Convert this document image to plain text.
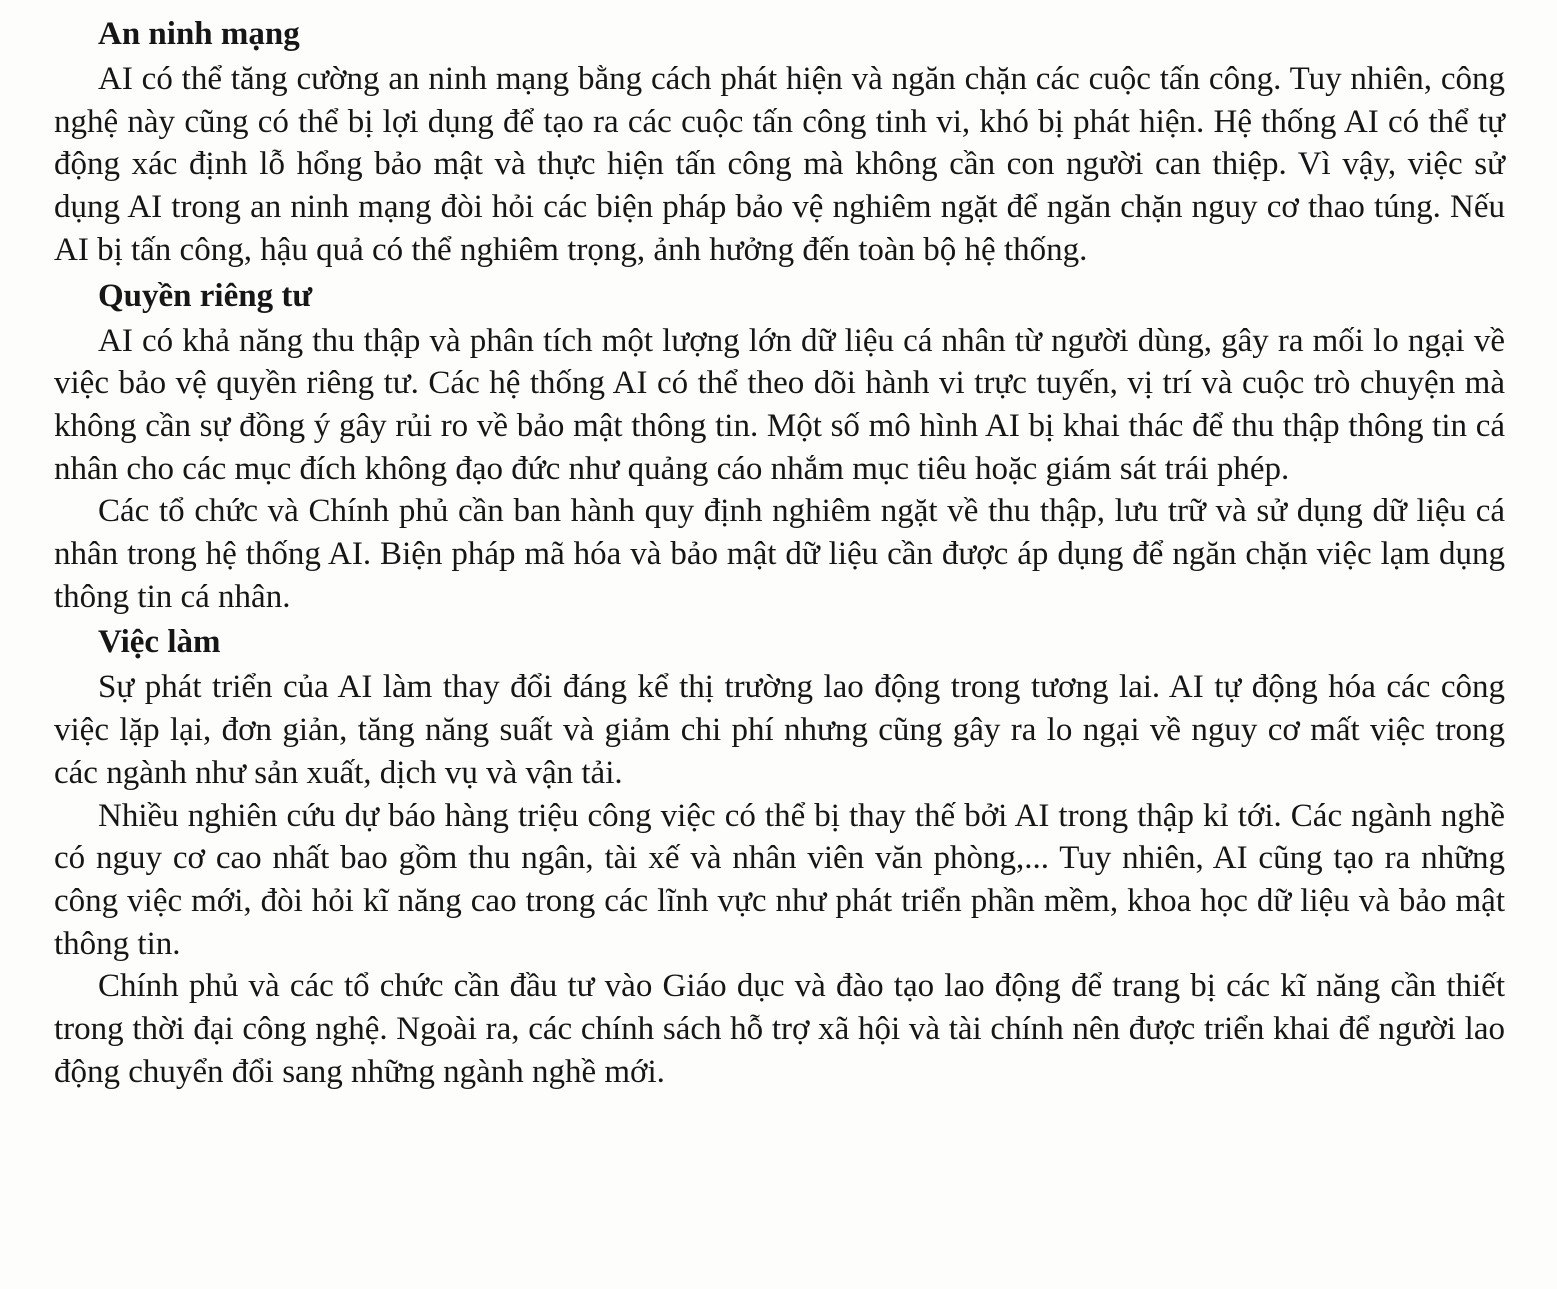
An ninh mạng

AI có thể tăng cường an ninh mạng bằng cách phát hiện và ngăn chặn các cuộc tấn công. Tuy nhiên, công nghệ này cũng có thể bị lợi dụng để tạo ra các cuộc tấn công tinh vi, khó bị phát hiện. Hệ thống AI có thể tự động xác định lỗ hổng bảo mật và thực hiện tấn công mà không cần con người can thiệp. Vì vậy, việc sử dụng AI trong an ninh mạng đòi hỏi các biện pháp bảo vệ nghiêm ngặt để ngăn chặn nguy cơ thao túng. Nếu AI bị tấn công, hậu quả có thể nghiêm trọng, ảnh hưởng đến toàn bộ hệ thống.

Quyền riêng tư

AI có khả năng thu thập và phân tích một lượng lớn dữ liệu cá nhân từ người dùng, gây ra mối lo ngại về việc bảo vệ quyền riêng tư. Các hệ thống AI có thể theo dõi hành vi trực tuyến, vị trí và cuộc trò chuyện mà không cần sự đồng ý gây rủi ro về bảo mật thông tin. Một số mô hình AI bị khai thác để thu thập thông tin cá nhân cho các mục đích không đạo đức như quảng cáo nhắm mục tiêu hoặc giám sát trái phép.

Các tổ chức và Chính phủ cần ban hành quy định nghiêm ngặt về thu thập, lưu trữ và sử dụng dữ liệu cá nhân trong hệ thống AI. Biện pháp mã hóa và bảo mật dữ liệu cần được áp dụng để ngăn chặn việc lạm dụng thông tin cá nhân.

Việc làm

Sự phát triển của AI làm thay đổi đáng kể thị trường lao động trong tương lai. AI tự động hóa các công việc lặp lại, đơn giản, tăng năng suất và giảm chi phí nhưng cũng gây ra lo ngại về nguy cơ mất việc trong các ngành như sản xuất, dịch vụ và vận tải.

Nhiều nghiên cứu dự báo hàng triệu công việc có thể bị thay thế bởi AI trong thập kỉ tới. Các ngành nghề có nguy cơ cao nhất bao gồm thu ngân, tài xế và nhân viên văn phòng,... Tuy nhiên, AI cũng tạo ra những công việc mới, đòi hỏi kĩ năng cao trong các lĩnh vực như phát triển phần mềm, khoa học dữ liệu và bảo mật thông tin.

Chính phủ và các tổ chức cần đầu tư vào Giáo dục và đào tạo lao động để trang bị các kĩ năng cần thiết trong thời đại công nghệ. Ngoài ra, các chính sách hỗ trợ xã hội và tài chính nên được triển khai để người lao động chuyển đổi sang những ngành nghề mới.
